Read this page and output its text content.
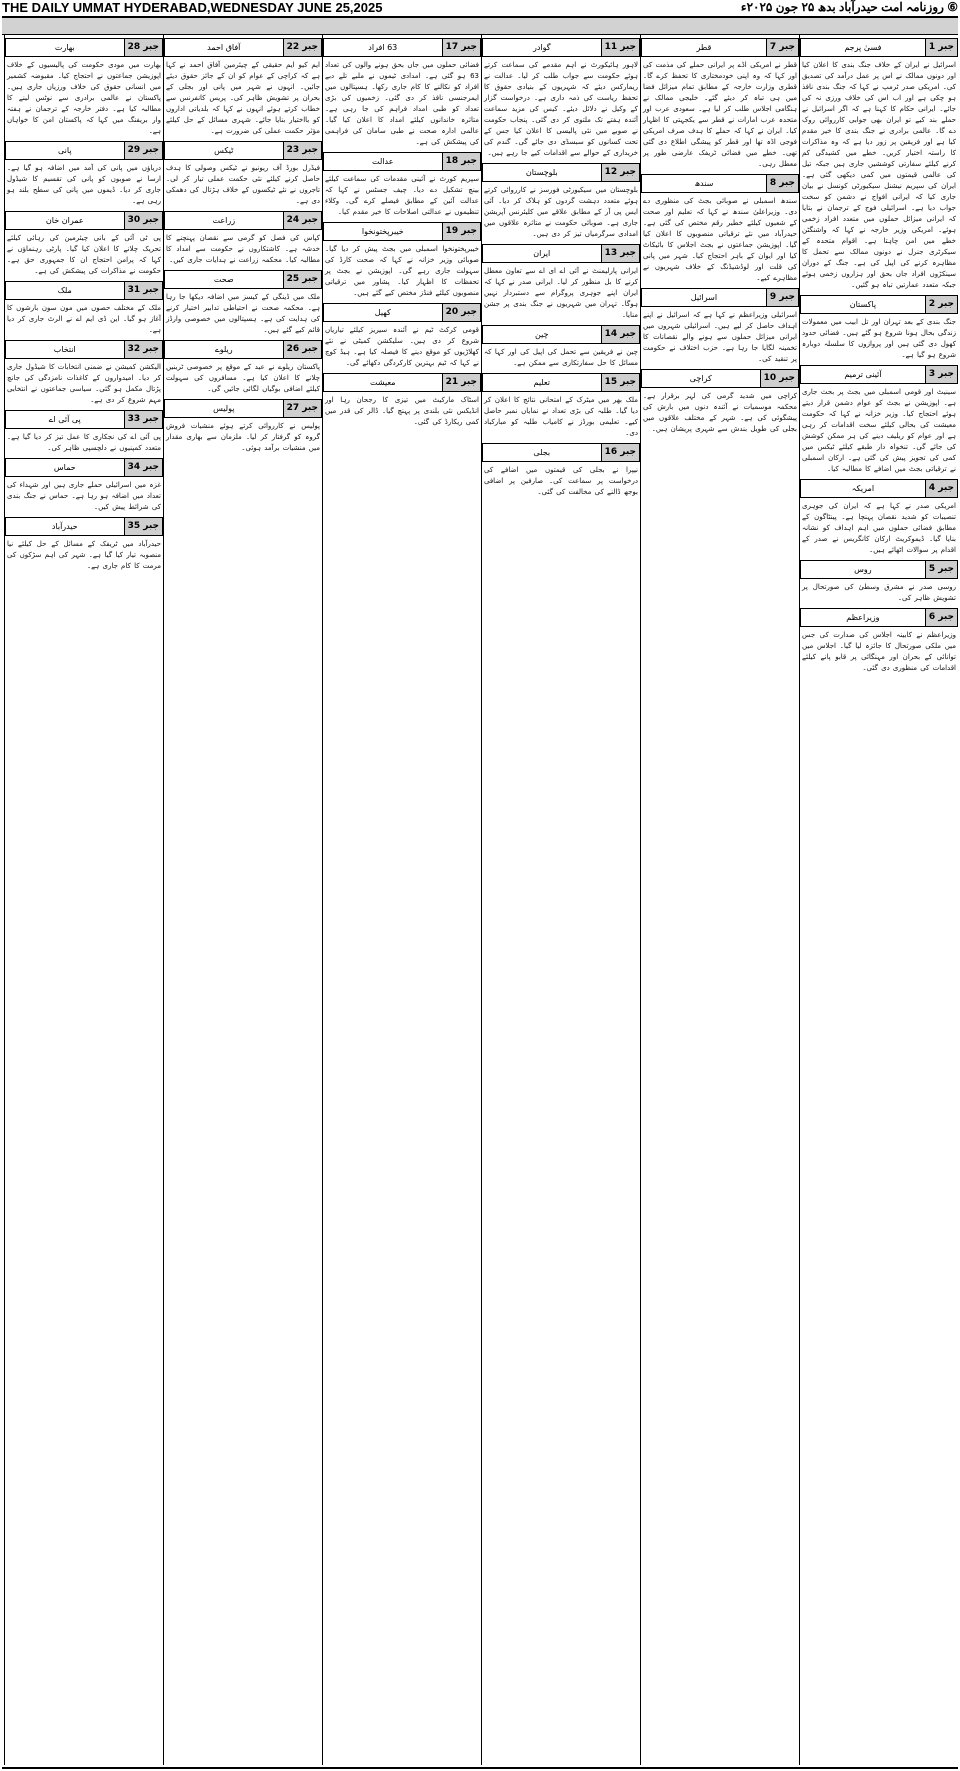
THE DAILY UMMAT HYDERABAD,WEDNESDAY JUNE 25,2025	⑥ روزنامہ امت حیدرآباد بدھ ۲۵ جون ۲۰۲۵ء
جبر 1
فسیٰ پرجم

اسرائیل نے ایران کے خلاف جنگ بندی کا اعلان کیا اور دونوں ممالک نے اس پر عمل درآمد کی تصدیق کی۔ امریکی صدر ٹرمپ نے کہا کہ جنگ بندی نافذ ہو چکی ہے اور اب اس کی خلاف ورزی نہ کی جائے۔ ایرانی حکام کا کہنا ہے کہ اگر اسرائیل نے حملے بند کیے تو ایران بھی جوابی کارروائی روک دے گا۔ عالمی برادری نے جنگ بندی کا خیر مقدم کیا ہے اور فریقین پر زور دیا ہے کہ وہ مذاکرات کا راستہ اختیار کریں۔ خطے میں کشیدگی کم کرنے کیلئے سفارتی کوششیں جاری ہیں جبکہ تیل کی عالمی قیمتوں میں کمی دیکھی گئی ہے۔ ایران کی سپریم نیشنل سیکیورٹی کونسل نے بیان جاری کیا کہ ایرانی افواج نے دشمن کو سخت جواب دیا ہے۔ اسرائیلی فوج کے ترجمان نے بتایا کہ ایرانی میزائل حملوں میں متعدد افراد زخمی ہوئے۔ امریکی وزیر خارجہ نے کہا کہ واشنگٹن خطے میں امن چاہتا ہے۔ اقوام متحدہ کے سیکرٹری جنرل نے دونوں ممالک سے تحمل کا مظاہرہ کرنے کی اپیل کی ہے۔ جنگ کے دوران سینکڑوں افراد جاں بحق اور ہزاروں زخمی ہوئے جبکہ متعدد عمارتیں تباہ ہو گئیں۔

جبر 2
پاکستان

جنگ بندی کے بعد تہران اور تل ابیب میں معمولات زندگی بحال ہونا شروع ہو گئے ہیں۔ فضائی حدود کھول دی گئی ہیں اور پروازوں کا سلسلہ دوبارہ شروع ہو گیا ہے۔

جبر 3
آئینی ترمیم

سینیٹ اور قومی اسمبلی میں بجٹ پر بحث جاری ہے۔ اپوزیشن نے بجٹ کو عوام دشمن قرار دیتے ہوئے احتجاج کیا۔ وزیر خزانہ نے کہا کہ حکومت معیشت کی بحالی کیلئے سخت اقدامات کر رہی ہے اور عوام کو ریلیف دینے کی ہر ممکن کوشش کی جائے گی۔ تنخواہ دار طبقے کیلئے ٹیکس میں کمی کی تجویز پیش کی گئی ہے۔ ارکان اسمبلی نے ترقیاتی بجٹ میں اضافے کا مطالبہ کیا۔

جبر 4
امریکہ

امریکی صدر نے کہا ہے کہ ایران کی جوہری تنصیبات کو شدید نقصان پہنچا ہے۔ پینٹاگون کے مطابق فضائی حملوں میں اہم اہداف کو نشانہ بنایا گیا۔ ڈیموکریٹ ارکان کانگریس نے صدر کے اقدام پر سوالات اٹھائے ہیں۔

جبر 5
روس

روسی صدر نے مشرق وسطیٰ کی صورتحال پر تشویش ظاہر کی۔

جبر 6
وزیراعظم

وزیراعظم نے کابینہ اجلاس کی صدارت کی جس میں ملکی صورتحال کا جائزہ لیا گیا۔ اجلاس میں توانائی کے بحران اور مہنگائی پر قابو پانے کیلئے اقدامات کی منظوری دی گئی۔

جبر 7
قطر

قطر نے امریکی اڈے پر ایرانی حملے کی مذمت کی اور کہا کہ وہ اپنی خودمختاری کا تحفظ کرے گا۔ قطری وزارت خارجہ کے مطابق تمام میزائل فضا میں ہی تباہ کر دیئے گئے۔ خلیجی ممالک نے ہنگامی اجلاس طلب کر لیا ہے۔ سعودی عرب اور متحدہ عرب امارات نے قطر سے یکجہتی کا اظہار کیا۔ ایران نے کہا کہ حملے کا ہدف صرف امریکی فوجی اڈہ تھا اور قطر کو پیشگی اطلاع دی گئی تھی۔ خطے میں فضائی ٹریفک عارضی طور پر معطل رہی۔

جبر 8
سندھ

سندھ اسمبلی نے صوبائی بجٹ کی منظوری دے دی۔ وزیراعلیٰ سندھ نے کہا کہ تعلیم اور صحت کے شعبوں کیلئے خطیر رقم مختص کی گئی ہے۔ حیدرآباد میں نئے ترقیاتی منصوبوں کا اعلان کیا گیا۔ اپوزیشن جماعتوں نے بجٹ اجلاس کا بائیکاٹ کیا اور ایوان کے باہر احتجاج کیا۔ شہر میں پانی کی قلت اور لوڈشیڈنگ کے خلاف شہریوں نے مظاہرے کیے۔

جبر 9
اسرائیل

اسرائیلی وزیراعظم نے کہا ہے کہ اسرائیل نے اپنے اہداف حاصل کر لیے ہیں۔ اسرائیلی شہروں میں ایرانی میزائل حملوں سے ہونے والے نقصانات کا تخمینہ لگایا جا رہا ہے۔ حزب اختلاف نے حکومت پر تنقید کی۔

جبر 10
کراچی

کراچی میں شدید گرمی کی لہر برقرار ہے۔ محکمہ موسمیات نے آئندہ دنوں میں بارش کی پیشگوئی کی ہے۔ شہر کے مختلف علاقوں میں بجلی کی طویل بندش سے شہری پریشان ہیں۔

جبر 11
گوادر

لاہور ہائیکورٹ نے اہم مقدمے کی سماعت کرتے ہوئے حکومت سے جواب طلب کر لیا۔ عدالت نے ریمارکس دیئے کہ شہریوں کے بنیادی حقوق کا تحفظ ریاست کی ذمہ داری ہے۔ درخواست گزار کے وکیل نے دلائل دیئے۔ کیس کی مزید سماعت آئندہ ہفتے تک ملتوی کر دی گئی۔ پنجاب حکومت نے صوبے میں نئی پالیسی کا اعلان کیا جس کے تحت کسانوں کو سبسڈی دی جائے گی۔ گندم کی خریداری کے حوالے سے اقدامات کیے جا رہے ہیں۔

جبر 12
بلوچستان

بلوچستان میں سیکیورٹی فورسز نے کارروائی کرتے ہوئے متعدد دہشت گردوں کو ہلاک کر دیا۔ آئی ایس پی آر کے مطابق علاقے میں کلیئرنس آپریشن جاری ہے۔ صوبائی حکومت نے متاثرہ علاقوں میں امدادی سرگرمیاں تیز کر دی ہیں۔

جبر 13
ایران

ایرانی پارلیمنٹ نے آئی اے ای اے سے تعاون معطل کرنے کا بل منظور کر لیا۔ ایرانی صدر نے کہا کہ ایران اپنے جوہری پروگرام سے دستبردار نہیں ہوگا۔ تہران میں شہریوں نے جنگ بندی پر جشن منایا۔

جبر 14
چین

چین نے فریقین سے تحمل کی اپیل کی اور کہا کہ مسائل کا حل سفارتکاری سے ممکن ہے۔

جبر 15
تعلیم

ملک بھر میں میٹرک کے امتحانی نتائج کا اعلان کر دیا گیا۔ طلبہ کی بڑی تعداد نے نمایاں نمبر حاصل کیے۔ تعلیمی بورڈز نے کامیاب طلبہ کو مبارکباد دی۔

جبر 16
بجلی

نیپرا نے بجلی کی قیمتوں میں اضافے کی درخواست پر سماعت کی۔ صارفین پر اضافی بوجھ ڈالنے کی مخالفت کی گئی۔

جبر 17
63 افراد

فضائی حملوں میں جاں بحق ہونے والوں کی تعداد 63 ہو گئی ہے۔ امدادی ٹیموں نے ملبے تلے دبے افراد کو نکالنے کا کام جاری رکھا۔ ہسپتالوں میں ایمرجنسی نافذ کر دی گئی۔ زخمیوں کی بڑی تعداد کو طبی امداد فراہم کی جا رہی ہے۔ متاثرہ خاندانوں کیلئے امداد کا اعلان کیا گیا۔ عالمی ادارہ صحت نے طبی سامان کی فراہمی کی پیشکش کی ہے۔

جبر 18
عدالت

سپریم کورٹ نے آئینی مقدمات کی سماعت کیلئے بینچ تشکیل دے دیا۔ چیف جسٹس نے کہا کہ عدالت آئین کے مطابق فیصلے کرے گی۔ وکلاء تنظیموں نے عدالتی اصلاحات کا خیر مقدم کیا۔

جبر 19
خیبرپختونخوا

خیبرپختونخوا اسمبلی میں بجٹ پیش کر دیا گیا۔ صوبائی وزیر خزانہ نے کہا کہ صحت کارڈ کی سہولت جاری رہے گی۔ اپوزیشن نے بجٹ پر تحفظات کا اظہار کیا۔ پشاور میں ترقیاتی منصوبوں کیلئے فنڈز مختص کیے گئے ہیں۔

جبر 20
کھیل

قومی کرکٹ ٹیم نے آئندہ سیریز کیلئے تیاریاں شروع کر دی ہیں۔ سلیکشن کمیٹی نے نئے کھلاڑیوں کو موقع دینے کا فیصلہ کیا ہے۔ ہیڈ کوچ نے کہا کہ ٹیم بہترین کارکردگی دکھائے گی۔

جبر 21
معیشت

اسٹاک مارکیٹ میں تیزی کا رجحان رہا اور انڈیکس نئی بلندی پر پہنچ گیا۔ ڈالر کی قدر میں کمی ریکارڈ کی گئی۔

جبر 22
آفاق احمد

ایم کیو ایم حقیقی کے چیئرمین آفاق احمد نے کہا ہے کہ کراچی کے عوام کو ان کے جائز حقوق دیئے جائیں۔ انہوں نے شہر میں پانی اور بجلی کے بحران پر تشویش ظاہر کی۔ پریس کانفرنس سے خطاب کرتے ہوئے انہوں نے کہا کہ بلدیاتی اداروں کو بااختیار بنایا جائے۔ شہری مسائل کے حل کیلئے مؤثر حکمت عملی کی ضرورت ہے۔

جبر 23
ٹیکس

فیڈرل بورڈ آف ریونیو نے ٹیکس وصولی کا ہدف حاصل کرنے کیلئے نئی حکمت عملی تیار کر لی۔ تاجروں نے نئے ٹیکسوں کے خلاف ہڑتال کی دھمکی دی ہے۔

جبر 24
زراعت

کپاس کی فصل کو گرمی سے نقصان پہنچنے کا خدشہ ہے۔ کاشتکاروں نے حکومت سے امداد کا مطالبہ کیا۔ محکمہ زراعت نے ہدایات جاری کیں۔

جبر 25
صحت

ملک میں ڈینگی کے کیسز میں اضافہ دیکھا جا رہا ہے۔ محکمہ صحت نے احتیاطی تدابیر اختیار کرنے کی ہدایت کی ہے۔ ہسپتالوں میں خصوصی وارڈز قائم کیے گئے ہیں۔

جبر 26
ریلوے

پاکستان ریلوے نے عید کے موقع پر خصوصی ٹرینیں چلانے کا اعلان کیا ہے۔ مسافروں کی سہولت کیلئے اضافی بوگیاں لگائی جائیں گی۔

جبر 27
پولیس

پولیس نے کارروائی کرتے ہوئے منشیات فروش گروہ کو گرفتار کر لیا۔ ملزمان سے بھاری مقدار میں منشیات برآمد ہوئی۔

جبر 28
بھارت

بھارت میں مودی حکومت کی پالیسیوں کے خلاف اپوزیشن جماعتوں نے احتجاج کیا۔ مقبوضہ کشمیر میں انسانی حقوق کی خلاف ورزیاں جاری ہیں۔ پاکستان نے عالمی برادری سے نوٹس لینے کا مطالبہ کیا ہے۔ دفتر خارجہ کے ترجمان نے ہفتہ وار بریفنگ میں کہا کہ پاکستان امن کا خواہاں ہے۔

جبر 29
پانی

دریاؤں میں پانی کی آمد میں اضافہ ہو گیا ہے۔ ارسا نے صوبوں کو پانی کی تقسیم کا شیڈول جاری کر دیا۔ ڈیموں میں پانی کی سطح بلند ہو رہی ہے۔

جبر 30
عمران خان

پی ٹی آئی کے بانی چیئرمین کی رہائی کیلئے تحریک چلانے کا اعلان کیا گیا۔ پارٹی رہنماؤں نے کہا کہ پرامن احتجاج ان کا جمہوری حق ہے۔ حکومت نے مذاکرات کی پیشکش کی ہے۔

جبر 31
ملک

ملک کے مختلف حصوں میں مون سون بارشوں کا آغاز ہو گیا۔ این ڈی ایم اے نے الرٹ جاری کر دیا ہے۔

جبر 32
انتخاب

الیکشن کمیشن نے ضمنی انتخابات کا شیڈول جاری کر دیا۔ امیدواروں کے کاغذات نامزدگی کی جانچ پڑتال مکمل ہو گئی۔ سیاسی جماعتوں نے انتخابی مہم شروع کر دی ہے۔

جبر 33
پی آئی اے

پی آئی اے کی نجکاری کا عمل تیز کر دیا گیا ہے۔ متعدد کمپنیوں نے دلچسپی ظاہر کی۔

جبر 34
حماس

غزہ میں اسرائیلی حملے جاری ہیں اور شہداء کی تعداد میں اضافہ ہو رہا ہے۔ حماس نے جنگ بندی کی شرائط پیش کیں۔

جبر 35
حیدرآباد

حیدرآباد میں ٹریفک کے مسائل کے حل کیلئے نیا منصوبہ تیار کیا گیا ہے۔ شہر کی اہم سڑکوں کی مرمت کا کام جاری ہے۔
